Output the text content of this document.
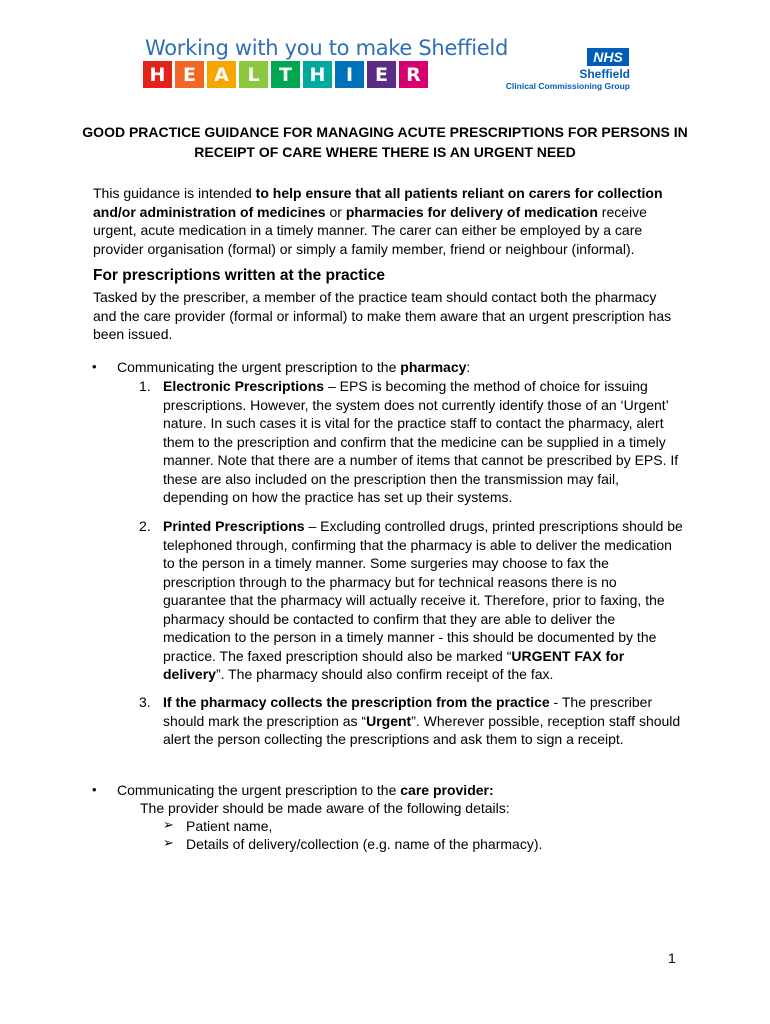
Working with you to make Sheffield
H E A L	T H	I	E R
NHS
Sheffield
Clinical Commissioning Group
GOOD PRACTICE GUIDANCE FOR MANAGING ACUTE PRESCRIPTIONS FOR PERSONS IN RECEIPT OF CARE WHERE THERE IS AN URGENT NEED
This guidance is intended to help ensure that all patients reliant on carers for collection and/or administration of medicines or pharmacies for delivery of medication receive urgent, acute medication in a timely manner. The carer can either be employed by a care provider organisation (formal) or simply a family member, friend or neighbour (informal).
For prescriptions written at the practice
Tasked by the prescriber, a member of the practice team should contact both the pharmacy and the care provider (formal or informal) to make them aware that an urgent prescription has been issued.
• Communicating the urgent prescription to the pharmacy:
1. Electronic Prescriptions – EPS is becoming the method of choice for issuing prescriptions. However, the system does not currently identify those of an ‘Urgent’ nature. In such cases it is vital for the practice staff to contact the pharmacy, alert them to the prescription and confirm that the medicine can be supplied in a timely manner. Note that there are a number of items that cannot be prescribed by EPS. If these are also included on the prescription then the transmission may fail, depending on how the practice has set up their systems.
2. Printed Prescriptions – Excluding controlled drugs, printed prescriptions should be telephoned through, confirming that the pharmacy is able to deliver the medication to the person in a timely manner. Some surgeries may choose to fax the prescription through to the pharmacy but for technical reasons there is no guarantee that the pharmacy will actually receive it. Therefore, prior to faxing, the pharmacy should be contacted to confirm that they are able to deliver the medication to the person in a timely manner - this should be documented by the practice. The faxed prescription should also be marked “URGENT FAX for delivery”. The pharmacy should also confirm receipt of the fax.
3. If the pharmacy collects the prescription from the practice - The prescriber should mark the prescription as “Urgent”. Wherever possible, reception staff should alert the person collecting the prescriptions and ask them to sign a receipt.
• Communicating the urgent prescription to the care provider:
The provider should be made aware of the following details:
➢ Patient name,
➢ Details of delivery/collection (e.g. name of the pharmacy).
1
